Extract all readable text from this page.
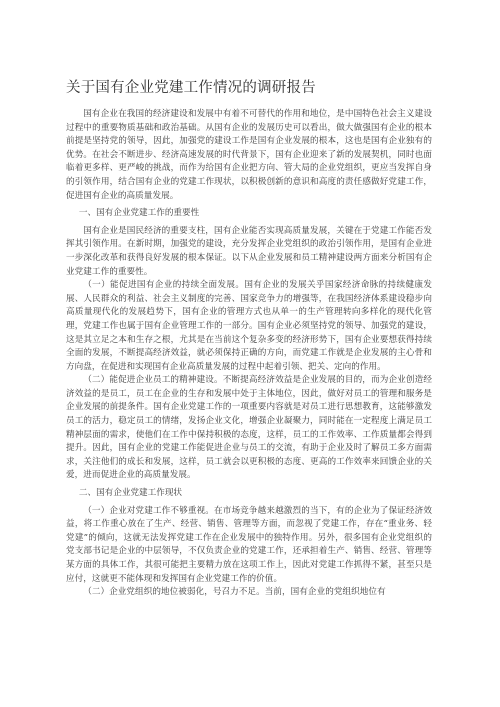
关于国有企业党建工作情况的调研报告

国有企业在我国的经济建设和发展中有着不可替代的作用和地位，是中国特色社会主义建设过程中的重要物质基础和政治基础。从国有企业的发展历史可以看出，做大做强国有企业的根本前提是坚持党的领导，因此，加强党的建设工作是国有企业发展的根本，这也是国有企业独有的优势。在社会不断进步、经济高速发展的时代背景下，国有企业迎来了新的发展契机，同时也面临着更多样、更严峻的挑战，而作为给国有企业把方向、管大局的企业党组织，更应当发挥自身的引领作用，结合国有企业的党建工作现状，以积极创新的意识和高度的责任感做好党建工作，促进国有企业的高质量发展。

一、国有企业党建工作的重要性

国有企业是国民经济的重要支柱，国有企业能否实现高质量发展，关键在于党建工作能否发挥其引领作用。在新时期，加强党的建设，充分发挥企业党组织的政治引领作用，是国有企业进一步深化改革和获得良好发展的根本保证。以下从企业发展和员工精神建设两方面来分析国有企业党建工作的重要性。

（一）能促进国有企业的持续全面发展。国有企业的发展关乎国家经济命脉的持续健康发展、人民群众的利益、社会主义制度的完善、国家竞争力的增强等，在我国经济体系建设稳步向高质量现代化的发展趋势下，国有企业的管理方式也从单一的生产管理转向多样化的现代化管理，党建工作也属于国有企业管理工作的一部分。国有企业必须坚持党的领导、加强党的建设，这是其立足之本和生存之根，尤其是在当前这个复杂多变的经济形势下，国有企业要想获得持续全面的发展，不断提高经济效益，就必须保持正确的方向，而党建工作就是企业发展的主心骨和方向盘，在促进和实现国有企业高质量发展的过程中起着引领、把关、定向的作用。

（二）能促进企业员工的精神建设。不断提高经济效益是企业发展的目的，而为企业创造经济效益的是员工，员工在企业的生存和发展中处于主体地位，因此，做好对员工的管理和服务是企业发展的前提条件。国有企业党建工作的一项重要内容就是对员工进行思想教育，这能够激发员工的活力，稳定员工的情绪，发扬企业文化，增强企业凝聚力，同时能在一定程度上满足员工精神层面的需求，使他们在工作中保持积极的态度，这样，员工的工作效率、工作质量都会得到提升。因此，国有企业的党建工作能促进企业与员工的交流，有助于企业及时了解员工多方面需求，关注他们的成长和发展，这样，员工就会以更积极的态度、更高的工作效率来回馈企业的关爱，进而促进企业的高质量发展。

二、国有企业党建工作现状

（一）企业对党建工作不够重视。在市场竞争越来越激烈的当下，有的企业为了保证经济效益，将工作重心放在了生产、经营、销售、管理等方面，而忽视了党建工作，存在“重业务、轻党建”的倾向，这就无法发挥党建工作在企业发展中的独特作用。另外，很多国有企业党组织的党支部书记是企业的中层领导，不仅负责企业的党建工作，还承担着生产、销售、经营、管理等某方面的具体工作，其很可能把主要精力放在这项工作上，因此对党建工作抓得不紧，甚至只是应付，这就更不能体现和发挥国有企业党建工作的价值。

（二）企业党组织的地位被弱化，号召力不足。当前，国有企业的党组织地位有
